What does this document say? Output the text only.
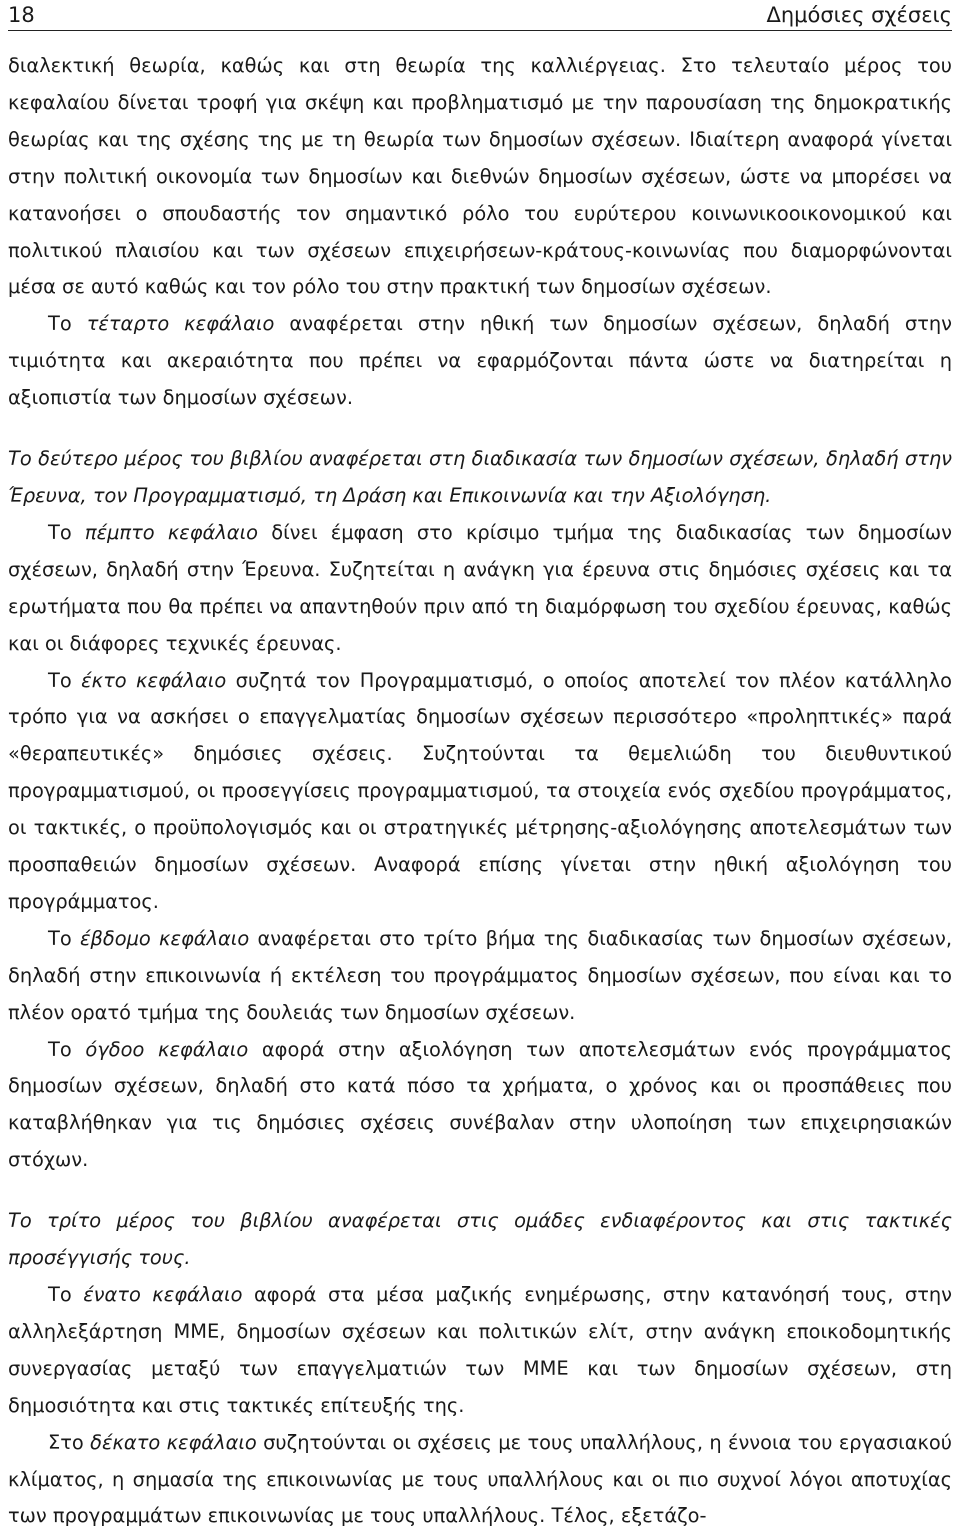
18	Δημόσιες σχέσεις

διαλεκτική θεωρία, καθώς και στη θεωρία της καλλιέργειας. Στο τελευταίο μέρος του κεφαλαίου δίνεται τροφή για σκέψη και προβληματισμό με την παρουσίαση της δημοκρατικής θεωρίας και της σχέσης της με τη θεωρία των δημοσίων σχέσεων. Ιδιαίτερη αναφορά γίνεται στην πολιτική οικονομία των δημοσίων και διεθνών δημοσίων σχέσεων, ώστε να μπορέσει να κατανοήσει ο σπουδαστής τον σημαντικό ρόλο του ευρύτερου κοινωνικοοικονομικού και πολιτικού πλαισίου και των σχέσεων επιχειρήσεων-κράτους-κοινωνίας που διαμορφώνονται μέσα σε αυτό καθώς και τον ρόλο του στην πρακτική των δημοσίων σχέσεων.

Το τέταρτο κεφάλαιο αναφέρεται στην ηθική των δημοσίων σχέσεων, δηλαδή στην τιμιότητα και ακεραιότητα που πρέπει να εφαρμόζονται πάντα ώστε να διατηρείται η αξιοπιστία των δημοσίων σχέσεων.

Το δεύτερο μέρος του βιβλίου αναφέρεται στη διαδικασία των δημοσίων σχέσεων, δηλαδή στην Έρευνα, τον Προγραμματισμό, τη Δράση και Επικοινωνία και την Αξιολόγηση.

Το πέμπτο κεφάλαιο δίνει έμφαση στο κρίσιμο τμήμα της διαδικασίας των δημοσίων σχέσεων, δηλαδή στην Έρευνα. Συζητείται η ανάγκη για έρευνα στις δημόσιες σχέσεις και τα ερωτήματα που θα πρέπει να απαντηθούν πριν από τη διαμόρφωση του σχεδίου έρευνας, καθώς και οι διάφορες τεχνικές έρευνας.

Το έκτο κεφάλαιο συζητά τον Προγραμματισμό, ο οποίος αποτελεί τον πλέον κατάλληλο τρόπο για να ασκήσει ο επαγγελματίας δημοσίων σχέσεων περισσότερο «προληπτικές» παρά «θεραπευτικές» δημόσιες σχέσεις. Συζητούνται τα θεμελιώδη του διευθυντικού προγραμματισμού, οι προσεγγίσεις προγραμματισμού, τα στοιχεία ενός σχεδίου προγράμματος, οι τακτικές, ο προϋπολογισμός και οι στρατηγικές μέτρησης-αξιολόγησης αποτελεσμάτων των προσπαθειών δημοσίων σχέσεων. Αναφορά επίσης γίνεται στην ηθική αξιολόγηση του προγράμματος.

Το έβδομο κεφάλαιο αναφέρεται στο τρίτο βήμα της διαδικασίας των δημοσίων σχέσεων, δηλαδή στην επικοινωνία ή εκτέλεση του προγράμματος δημοσίων σχέσεων, που είναι και το πλέον ορατό τμήμα της δουλειάς των δημοσίων σχέσεων.

Το όγδοο κεφάλαιο αφορά στην αξιολόγηση των αποτελεσμάτων ενός προγράμματος δημοσίων σχέσεων, δηλαδή στο κατά πόσο τα χρήματα, ο χρόνος και οι προσπάθειες που καταβλήθηκαν για τις δημόσιες σχέσεις συνέβαλαν στην υλοποίηση των επιχειρησιακών στόχων.

Το τρίτο μέρος του βιβλίου αναφέρεται στις ομάδες ενδιαφέροντος και στις τακτικές προσέγγισής τους.

Το ένατο κεφάλαιο αφορά στα μέσα μαζικής ενημέρωσης, στην κατανόησή τους, στην αλληλεξάρτηση ΜΜΕ, δημοσίων σχέσεων και πολιτικών ελίτ, στην ανάγκη εποικοδομητικής συνεργασίας μεταξύ των επαγγελματιών των ΜΜΕ και των δημοσίων σχέσεων, στη δημοσιότητα και στις τακτικές επίτευξής της.

Στο δέκατο κεφάλαιο συζητούνται οι σχέσεις με τους υπαλλήλους, η έννοια του εργασιακού κλίματος, η σημασία της επικοινωνίας με τους υπαλλήλους και οι πιο συχνοί λόγοι αποτυχίας των προγραμμάτων επικοινωνίας με τους υπαλλήλους. Τέλος, εξετάζο-
